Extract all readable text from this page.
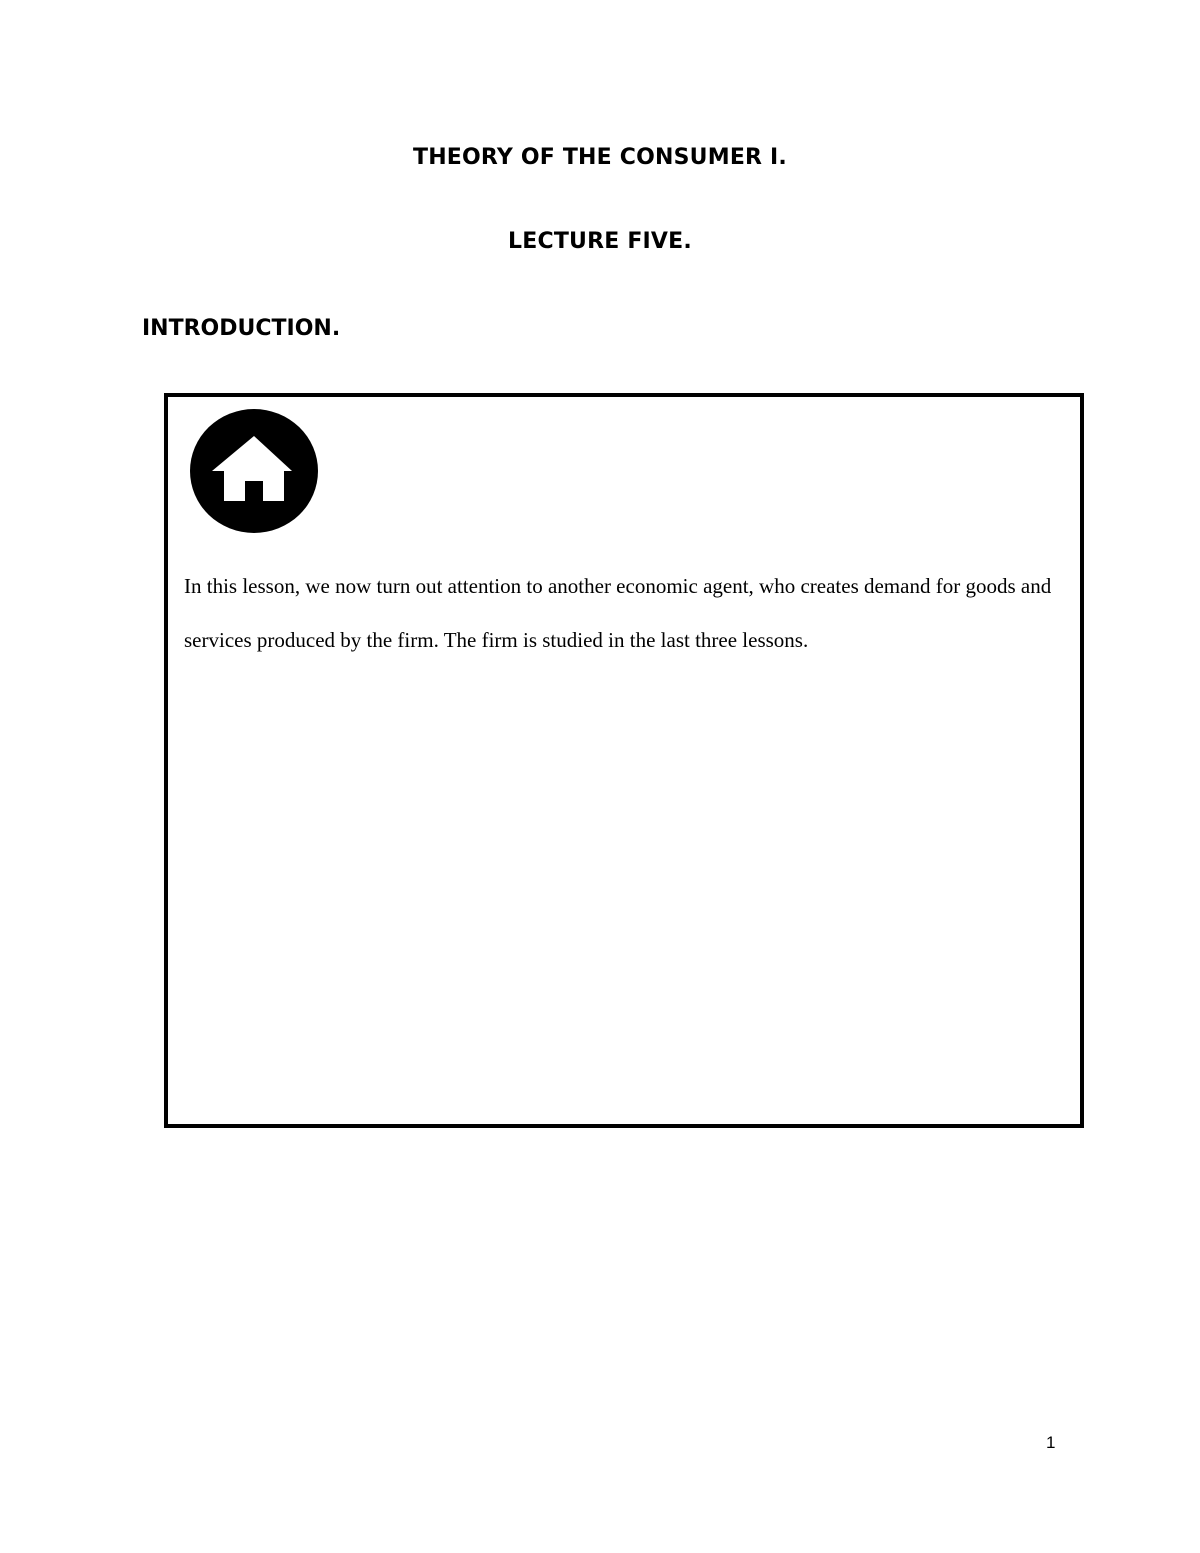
THEORY OF THE CONSUMER I.
LECTURE FIVE.
INTRODUCTION.

In this lesson, we now turn out attention to another economic agent, who creates demand for goods and services produced by the firm. The firm is studied in the last three lessons.

1
